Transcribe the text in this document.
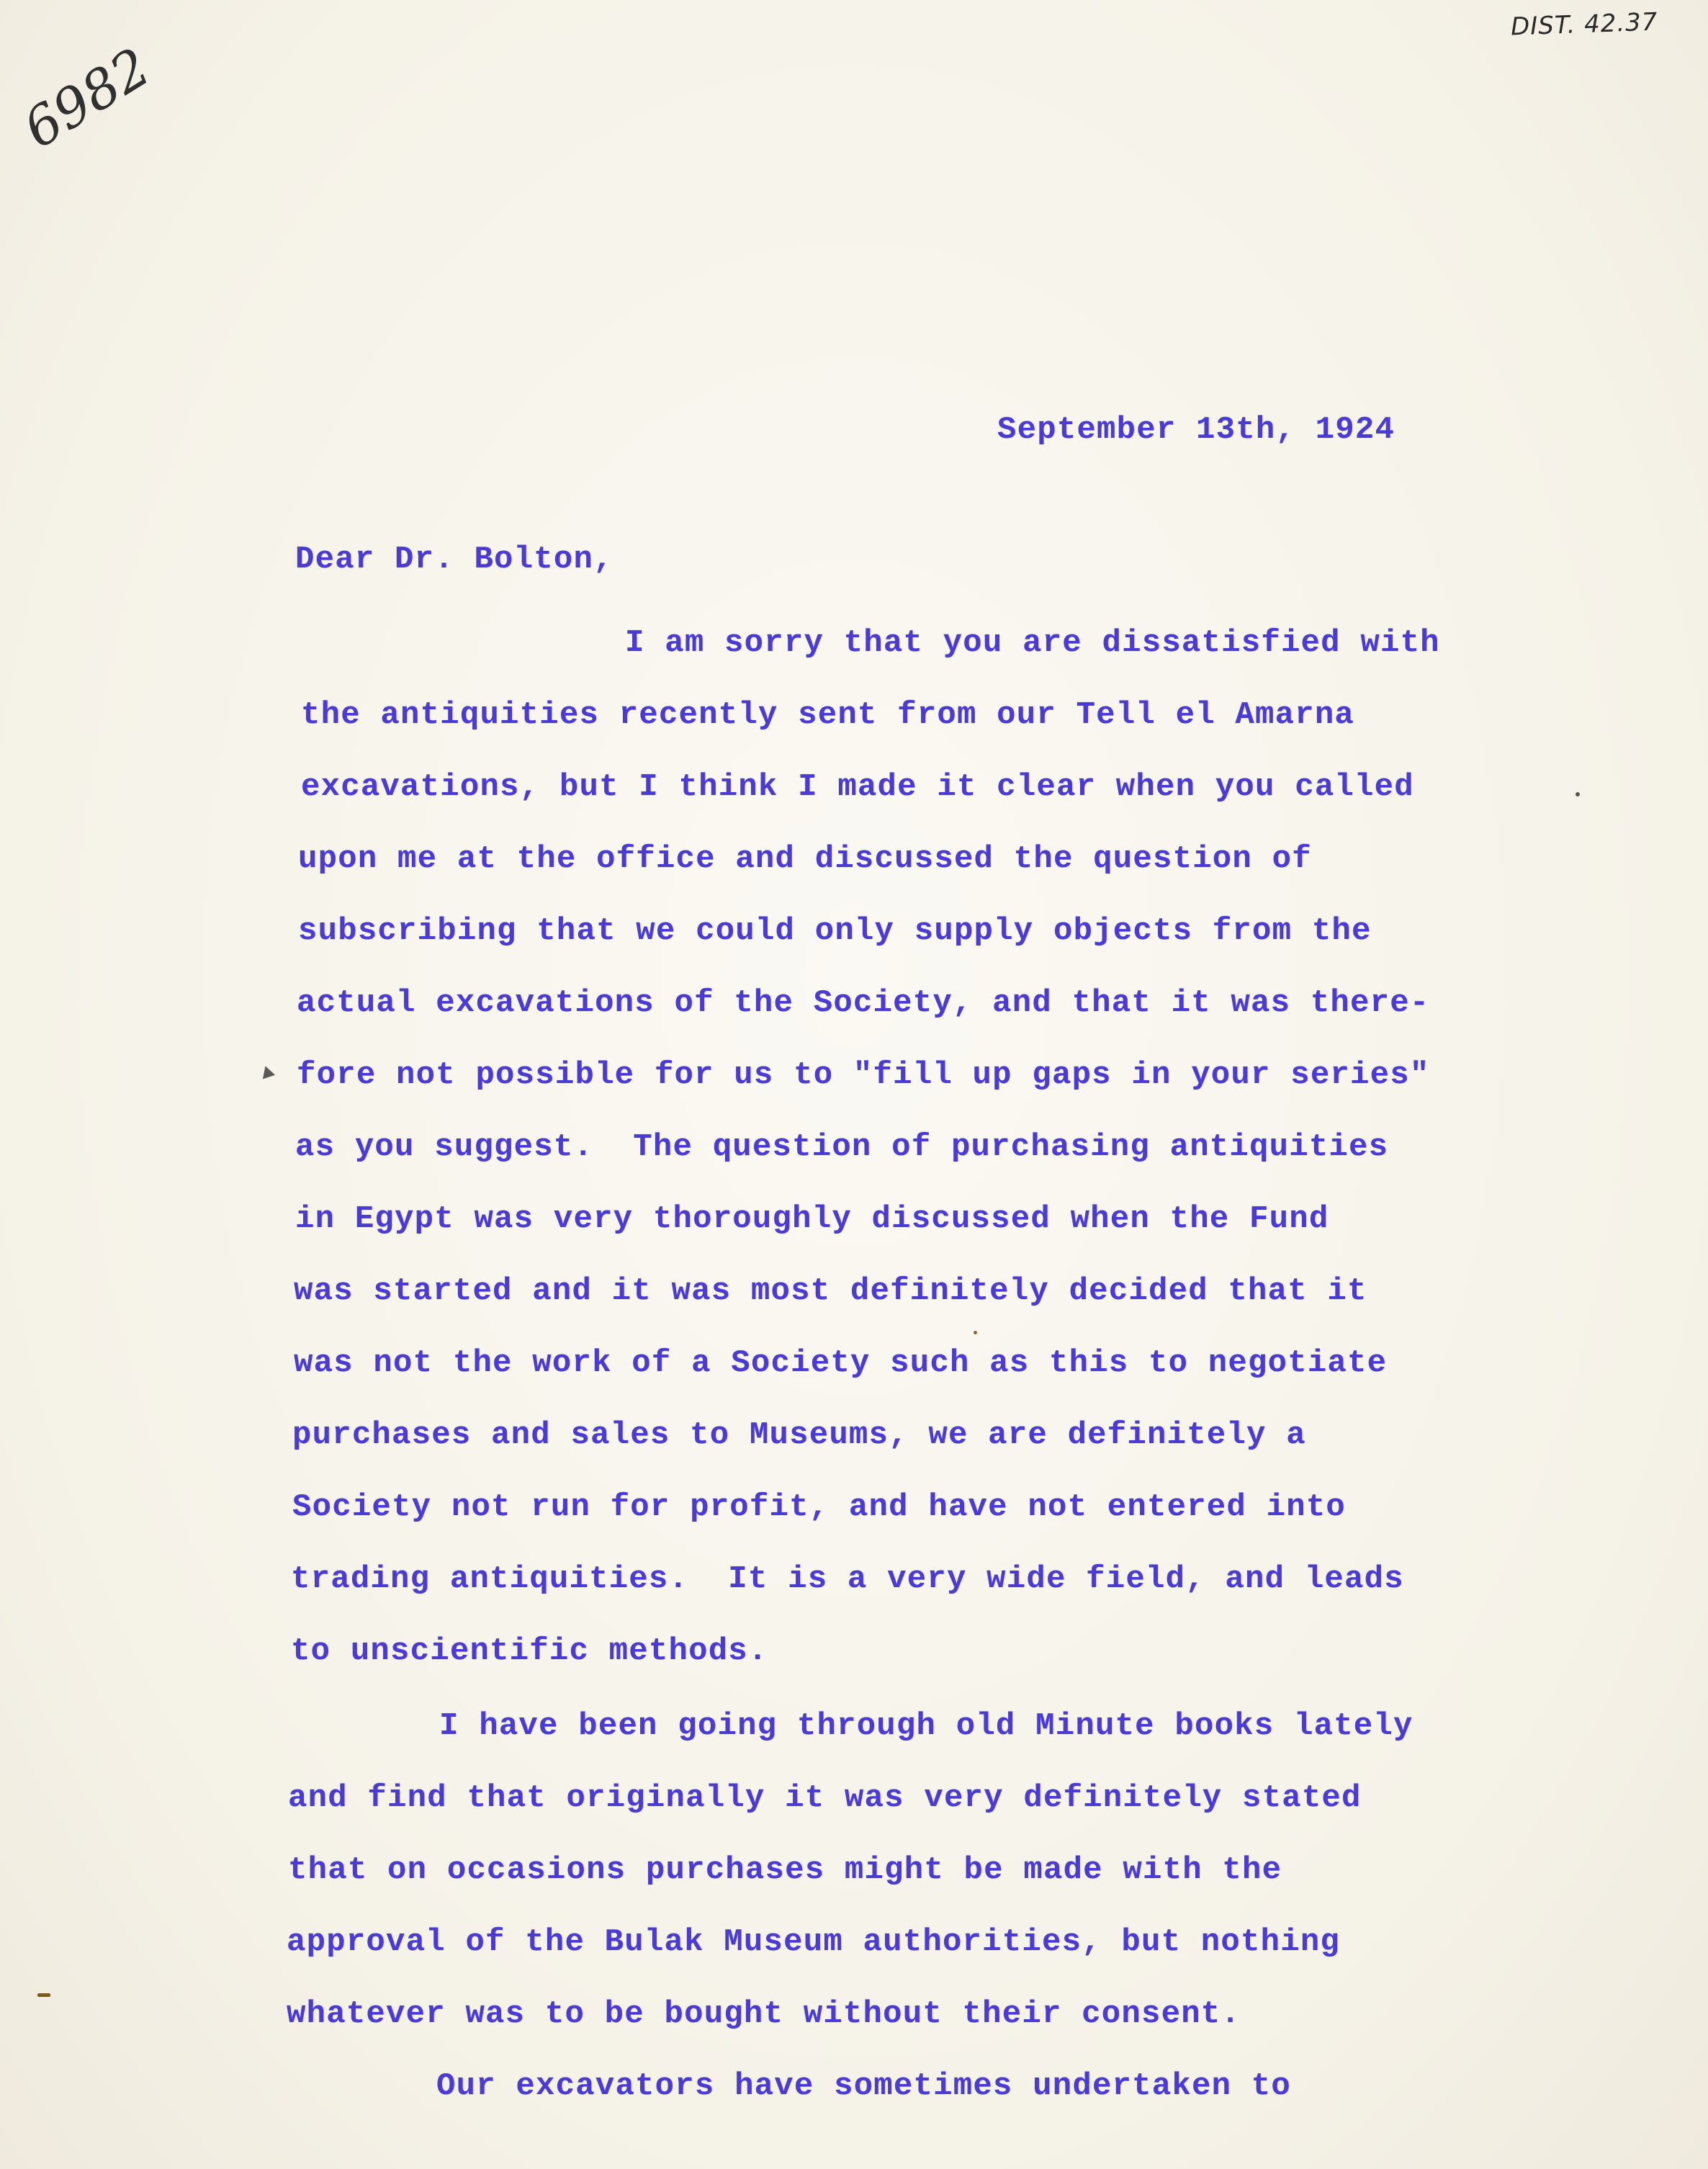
DIST. 42.37
6982
September 13th, 1924
Dear Dr. Bolton,
I am sorry that you are dissatisfied with
the antiquities recently sent from our Tell el Amarna
excavations, but I think I made it clear when you called
upon me at the office and discussed the question of
subscribing that we could only supply objects from the
actual excavations of the Society, and that it was there-
fore not possible for us to "fill up gaps in your series"
as you suggest.  The question of purchasing antiquities
in Egypt was very thoroughly discussed when the Fund
was started and it was most definitely decided that it
was not the work of a Society such as this to negotiate
purchases and sales to Museums, we are definitely a
Society not run for profit, and have not entered into
trading antiquities.  It is a very wide field, and leads
to unscientific methods.
I have been going through old Minute books lately
and find that originally it was very definitely stated
that on occasions purchases might be made with the
approval of the Bulak Museum authorities, but nothing
whatever was to be bought without their consent.
Our excavators have sometimes undertaken to
